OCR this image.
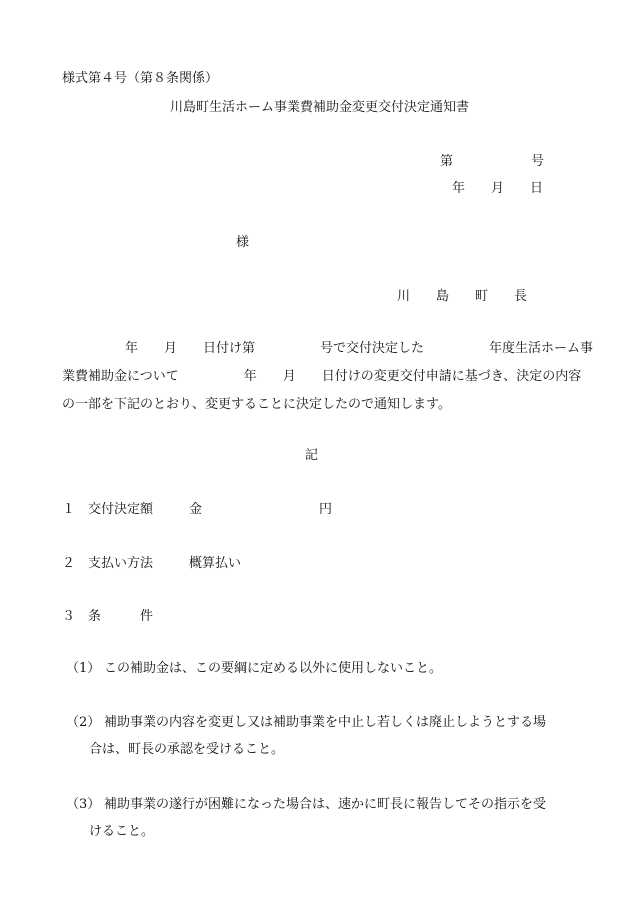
様式第４号（第８条関係）
川島町生活ホーム事業費補助金変更交付決定通知書
第　　　　　　号
年　　月　　日
様
川　　島　　町　　長
　年　　月　　日付け第　　　　　号で交付決定した　　　　　年度生活ホーム事
業費補助金について　　　　　年　　月　　日付けの変更交付申請に基づき、決定の内容
の一部を下記のとおり、変更することに決定したので通知します。
記
１　交付決定額	金　　　　　　　　　円
２　支払い方法	概算払い
３　条　　　件
（1） この補助金は、この要綱に定める以外に使用しないこと。
（2） 補助事業の内容を変更し又は補助事業を中止し若しくは廃止しようとする場
合は、町長の承認を受けること。
（3） 補助事業の遂行が困難になった場合は、速かに町長に報告してその指示を受
けること。
